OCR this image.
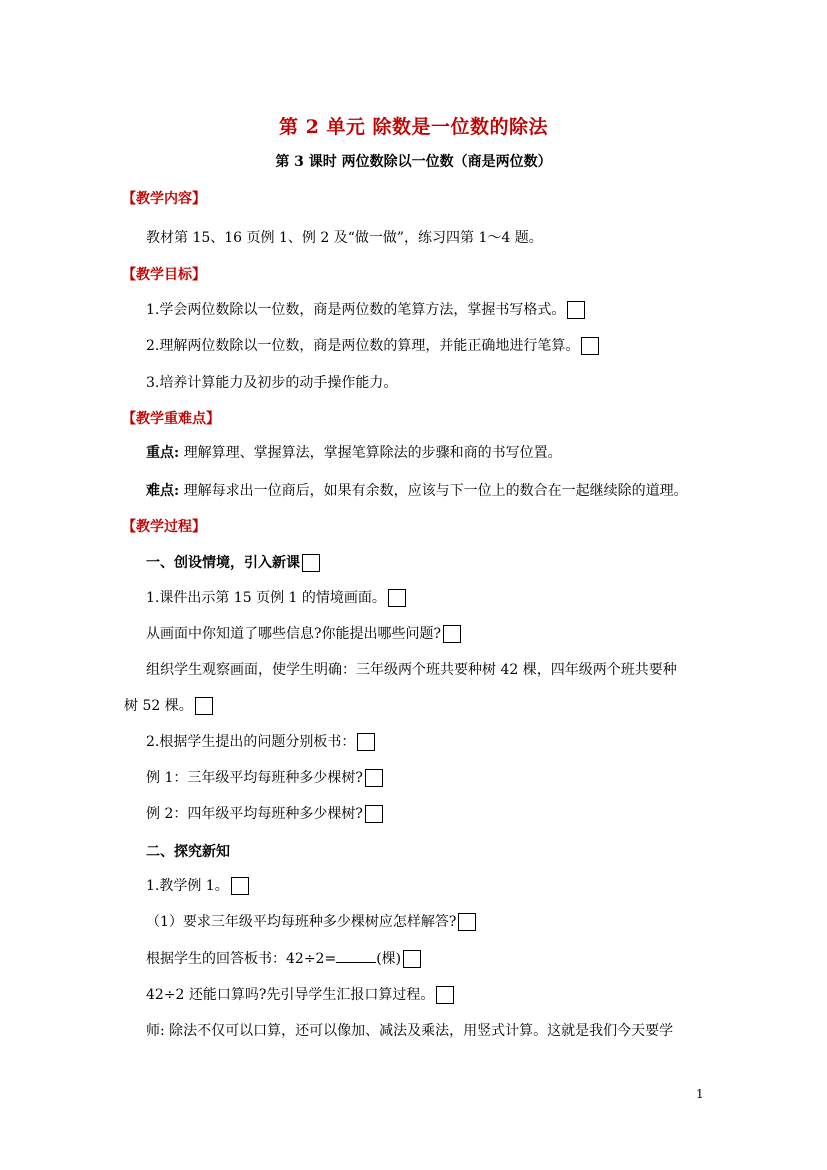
第 2 单元 除数是一位数的除法
第 3 课时 两位数除以一位数（商是两位数）
【教学内容】
教材第 15、16 页例 1、例 2 及“做一做”，练习四第 1～4 题。
【教学目标】
1.学会两位数除以一位数，商是两位数的笔算方法，掌握书写格式。
2.理解两位数除以一位数，商是两位数的算理，并能正确地进行笔算。
3.培养计算能力及初步的动手操作能力。
【教学重难点】
重点: 理解算理、掌握算法，掌握笔算除法的步骤和商的书写位置。
难点: 理解每求出一位商后，如果有余数，应该与下一位上的数合在一起继续除的道理。
【教学过程】
一、创设情境，引入新课
1.课件出示第 15 页例 1 的情境画面。
从画面中你知道了哪些信息?你能提出哪些问题?
组织学生观察画面，使学生明确：三年级两个班共要种树 42 棵，四年级两个班共要种
树 52 棵。
2.根据学生提出的问题分别板书：
例 1：三年级平均每班种多少棵树?
例 2：四年级平均每班种多少棵树?
二、探究新知
1.教学例 1。
（1）要求三年级平均每班种多少棵树应怎样解答?
根据学生的回答板书：42÷2=	(棵)
42÷2 还能口算吗?先引导学生汇报口算过程。
师: 除法不仅可以口算，还可以像加、减法及乘法，用竖式计算。这就是我们今天要学
1
